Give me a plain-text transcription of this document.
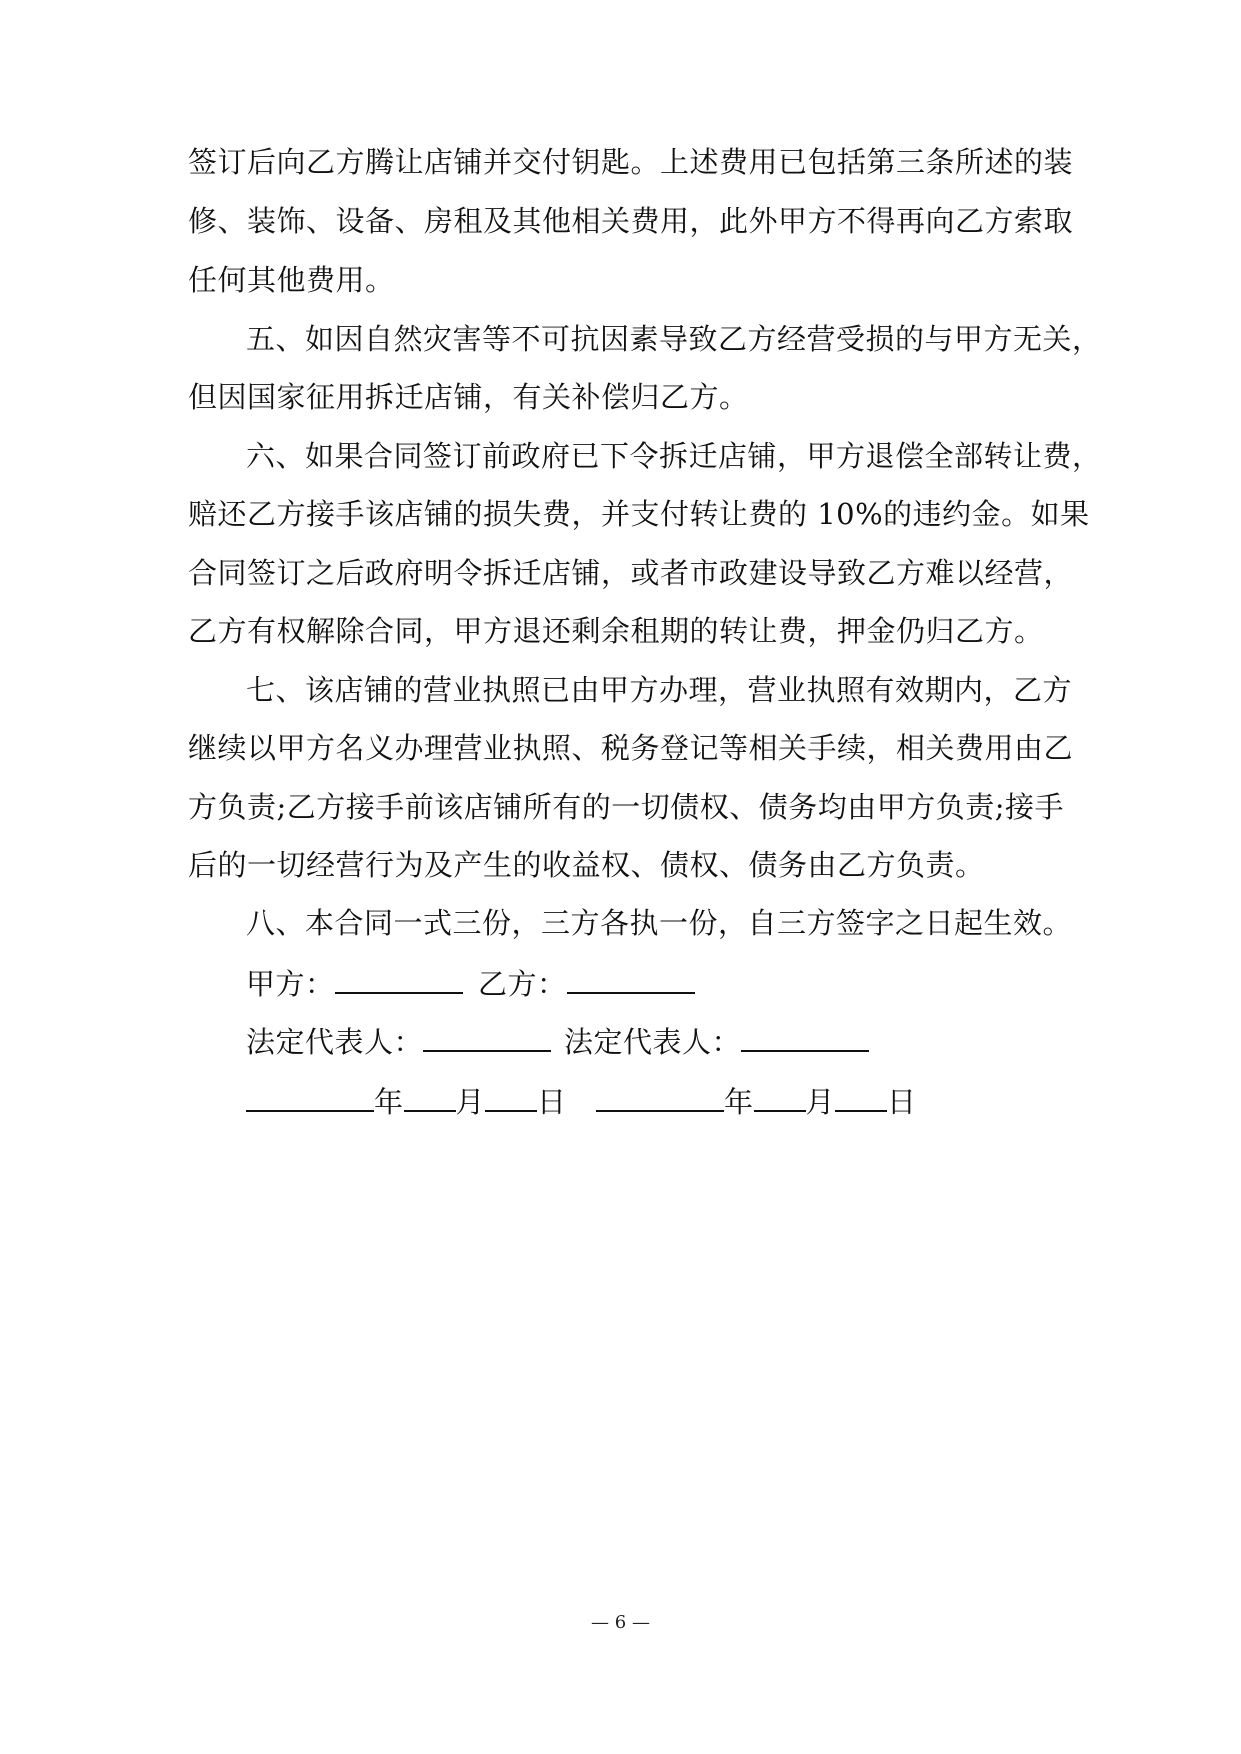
签订后向乙方腾让店铺并交付钥匙。上述费用已包括第三条所述的装
修、装饰、设备、房租及其他相关费用，此外甲方不得再向乙方索取
任何其他费用。
五、如因自然灾害等不可抗因素导致乙方经营受损的与甲方无关，
但因国家征用拆迁店铺，有关补偿归乙方。
六、如果合同签订前政府已下令拆迁店铺，甲方退偿全部转让费，
赔还乙方接手该店铺的损失费，并支付转让费的 10%的违约金。如果
合同签订之后政府明令拆迁店铺，或者市政建设导致乙方难以经营，
乙方有权解除合同，甲方退还剩余租期的转让费，押金仍归乙方。
七、该店铺的营业执照已由甲方办理，营业执照有效期内，乙方
继续以甲方名义办理营业执照、税务登记等相关手续，相关费用由乙
方负责;乙方接手前该店铺所有的一切债权、债务均由甲方负责;接手
后的一切经营行为及产生的收益权、债权、债务由乙方负责。
八、本合同一式三份，三方各执一份，自三方签字之日起生效。
甲方：	乙方：
法定代表人：	法定代表人：
年 月 日	年 月 日
— 6 —
